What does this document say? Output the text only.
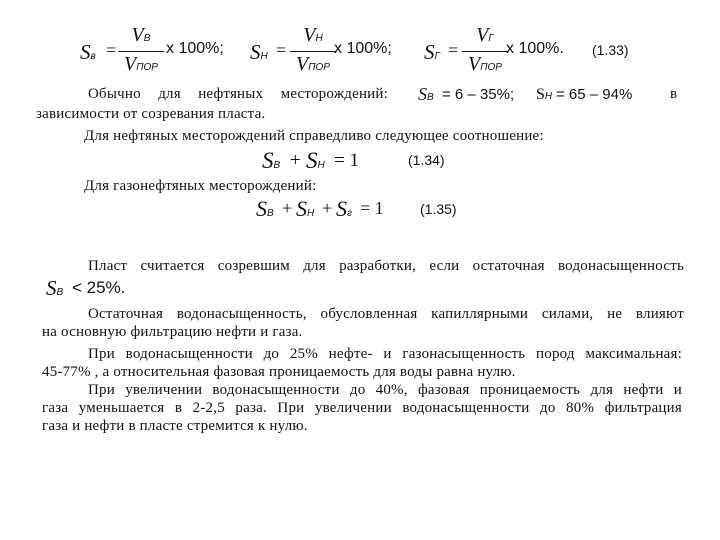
Sв =
VВ
VПОР
х 100%; SН =
VН
VПОР
х 100%; SГ =
VГ
VПОР
х 100%. (1.33)
Обычно для нефтяных месторождений: SВ = 6 – 35%; SН = 65 – 94%	в
зависимости от созревания пласта.
Для нефтяных месторождений справедливо следующее соотношение:
SВ + SН = 1	(1.34)
Для газонефтяных месторождений:
SВ + SН + Sг = 1	(1.35)
Пласт считается созревшим для разработки, если остаточная водонасыщенность
SВ < 25%.
Остаточная водонасыщенность, обусловленная капиллярными силами, не влияют
на основную фильтрацию нефти и газа.
При водонасыщенности до 25% нефте- и газонасыщенность пород максимальная:
45-77% , а относительная фазовая проницаемость для воды равна нулю.
При увеличении водонасыщенности до 40%, фазовая проницаемость для нефти и
газа уменьшается в 2-2,5 раза. При увеличении водонасыщенности до 80% фильтрация
газа и нефти в пласте стремится к нулю.
